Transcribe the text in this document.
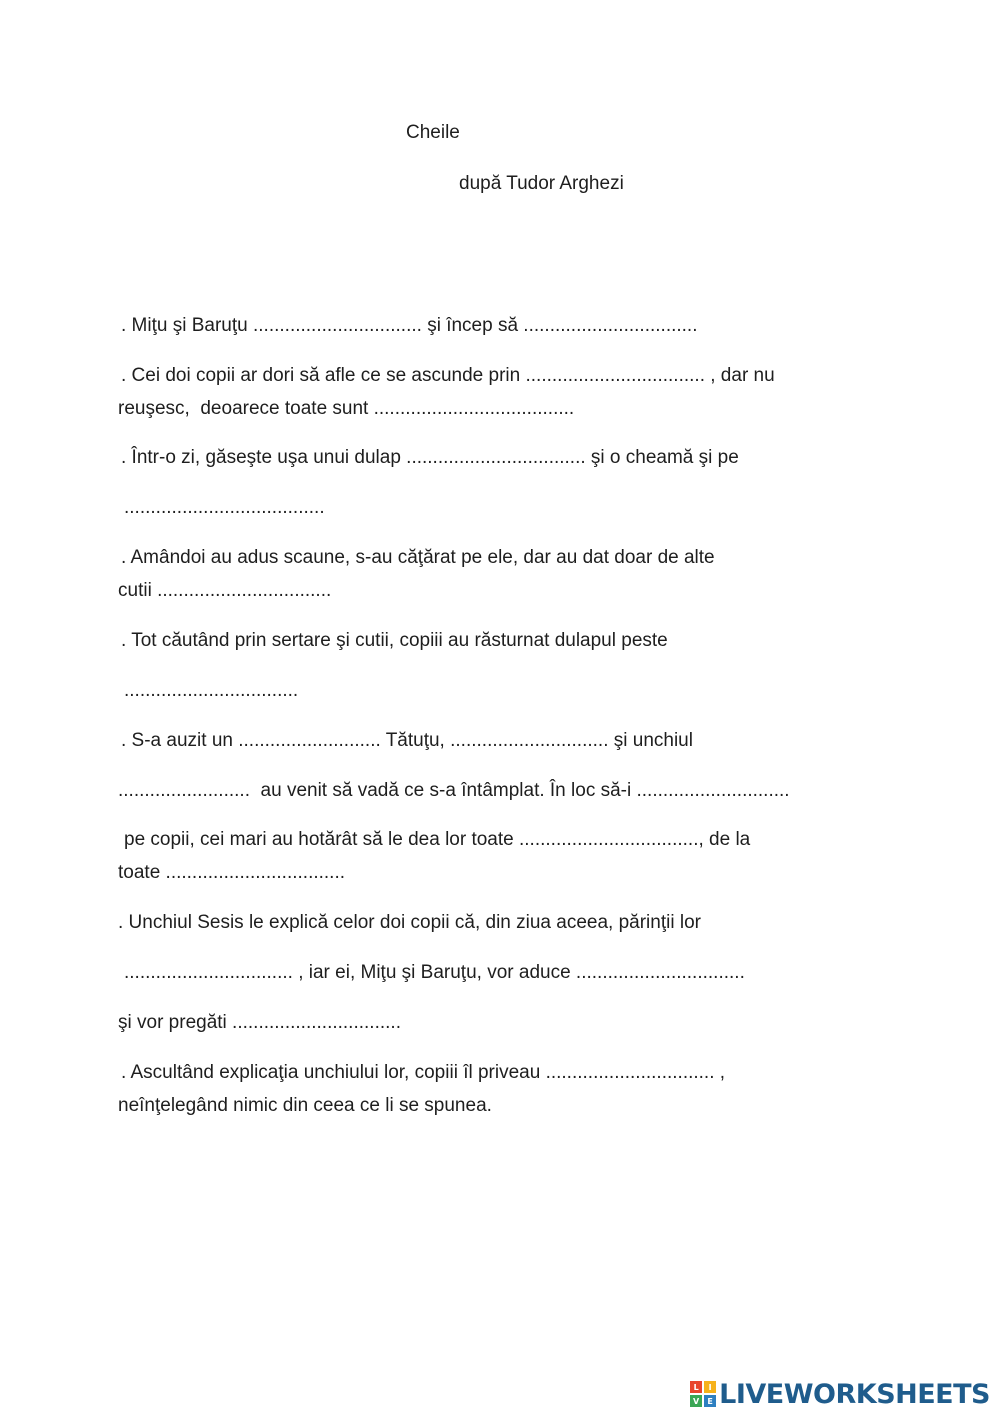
Cheile
după Tudor Arghezi
. Miţu şi Baruţu ................................ şi încep să .................................
. Cei doi copii ar dori să afle ce se ascunde prin .................................. , dar nu
reuşesc,  deoarece toate sunt ......................................
. Într-o zi, găseşte uşa unui dulap .................................. şi o cheamă şi pe
......................................
. Amândoi au adus scaune, s-au căţărat pe ele, dar au dat doar de alte
cutii .................................
. Tot căutând prin sertare şi cutii, copiii au răsturnat dulapul peste
.................................
. S-a auzit un ........................... Tătuţu, .............................. şi unchiul
.........................  au venit să vadă ce s-a întâmplat. În loc să-i .............................
pe copii, cei mari au hotărât să le dea lor toate .................................., de la
toate ..................................
. Unchiul Sesis le explică celor doi copii că, din ziua aceea, părinţii lor
................................ , iar ei, Miţu şi Baruţu, vor aduce ................................
şi vor pregăti ................................
. Ascultând explicaţia unchiului lor, copiii îl priveau ................................ ,
neînţelegând nimic din ceea ce li se spunea.
L	I
V	E LIVEWORKSHEETS
